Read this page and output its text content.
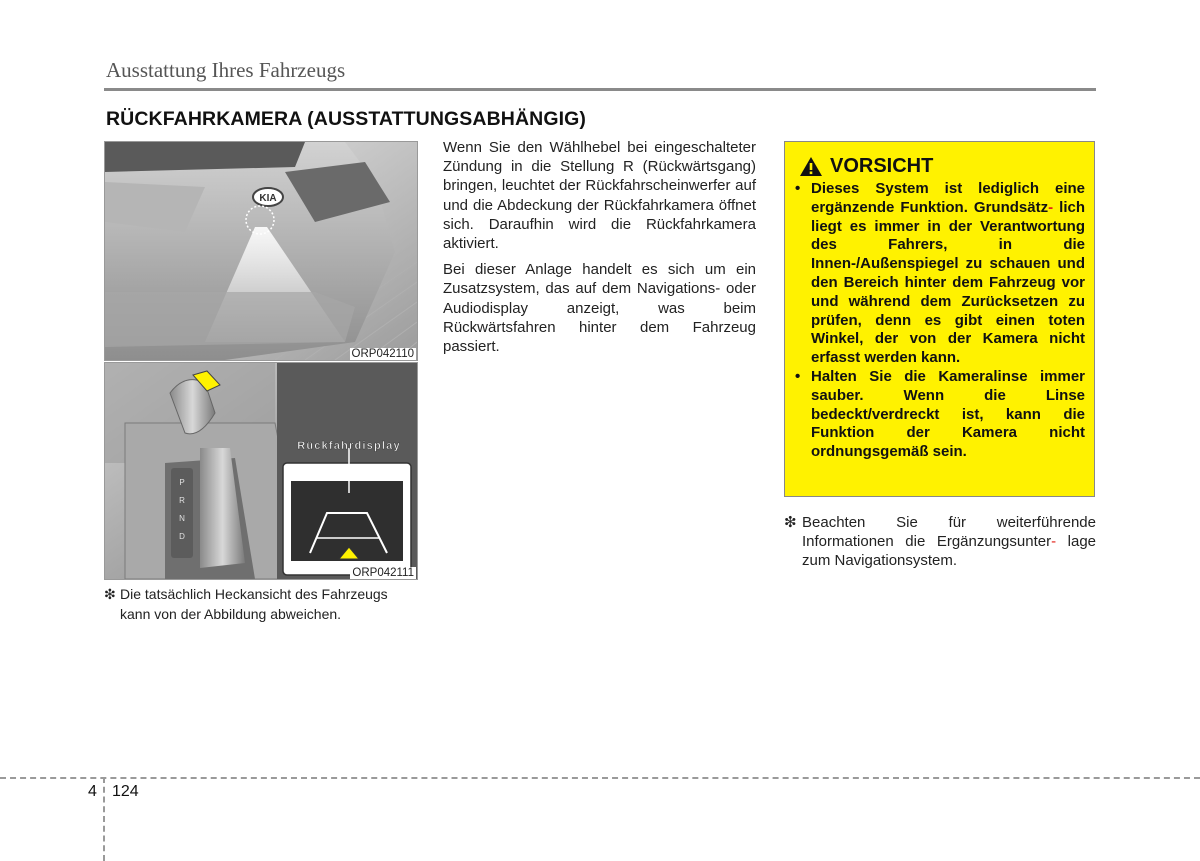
Ausstattung Ihres Fahrzeugs
RÜCKFAHRKAMERA (AUSSTATTUNGSABHÄNGIG)
KIA
ORP042110
P
R
N
D
Rückfahrdisplay
ORP042111
❇ Die tatsächlich Heckansicht des Fahrzeugs
kann von der Abbildung abweichen.

Wenn Sie den Wählhebel bei eingeschalteter Zündung in die Stellung R (Rückwärtsgang) bringen, leuchtet der Rückfahrscheinwerfer auf und die Abdeckung der Rückfahrkamera öffnet sich. Daraufhin wird die Rückfahrkamera aktiviert.

Bei dieser Anlage handelt es sich um ein Zusatzsystem, das auf dem Navigations- oder Audiodisplay anzeigt, was beim Rückwärtsfahren hinter dem Fahrzeug passiert.

VORSICHT
• Dieses System ist lediglich eine ergänzende Funktion. Grundsätz- lich liegt es immer in der Verantwortung des Fahrers, in die Innen-/Außenspiegel zu schauen und den Bereich hinter dem Fahrzeug vor und während dem Zurücksetzen zu prüfen, denn es gibt einen toten Winkel, der von der Kamera nicht erfasst werden kann.
• Halten Sie die Kameralinse immer sauber. Wenn die Linse bedeckt/verdreckt ist, kann die Funktion der Kamera nicht ordnungsgemäß sein.
❇ Beachten Sie für weiterführende Informationen die Ergänzungsunter- lage zum Navigationsystem.
4 124
